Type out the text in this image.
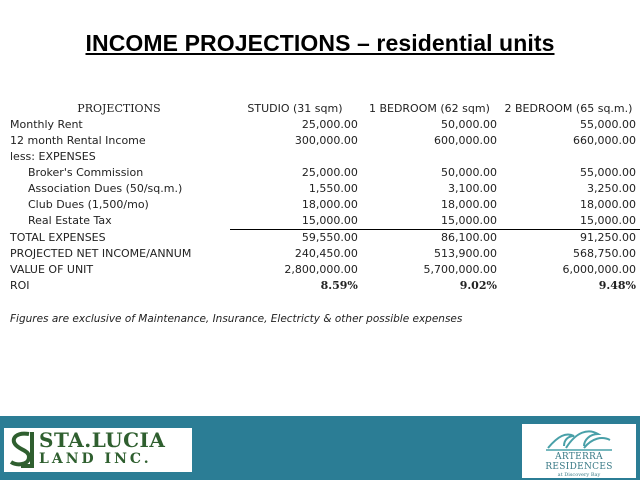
INCOME PROJECTIONS – residential units
PROJECTIONS	STUDIO (31 sqm)	1 BEDROOM (62 sqm)	2 BEDROOM (65 sq.m.)
Monthly Rent	25,000.00	50,000.00	55,000.00
12 month Rental Income	300,000.00	600,000.00	660,000.00
less: EXPENSES			
Broker's Commission	25,000.00	50,000.00	55,000.00
Association Dues (50/sq.m.)	1,550.00	3,100.00	3,250.00
Club Dues (1,500/mo)	18,000.00	18,000.00	18,000.00
Real Estate Tax	15,000.00	15,000.00	15,000.00
TOTAL EXPENSES	59,550.00	86,100.00	91,250.00
PROJECTED NET INCOME/ANNUM	240,450.00	513,900.00	568,750.00
VALUE OF UNIT	2,800,000.00	5,700,000.00	6,000,000.00
ROI	8.59%	9.02%	9.48%
Figures are exclusive of Maintenance, Insurance, Electricty & other possible expenses
STA.LUCIA
LAND INC.	ARTERRA RESIDENCES
at Discovery Bay
